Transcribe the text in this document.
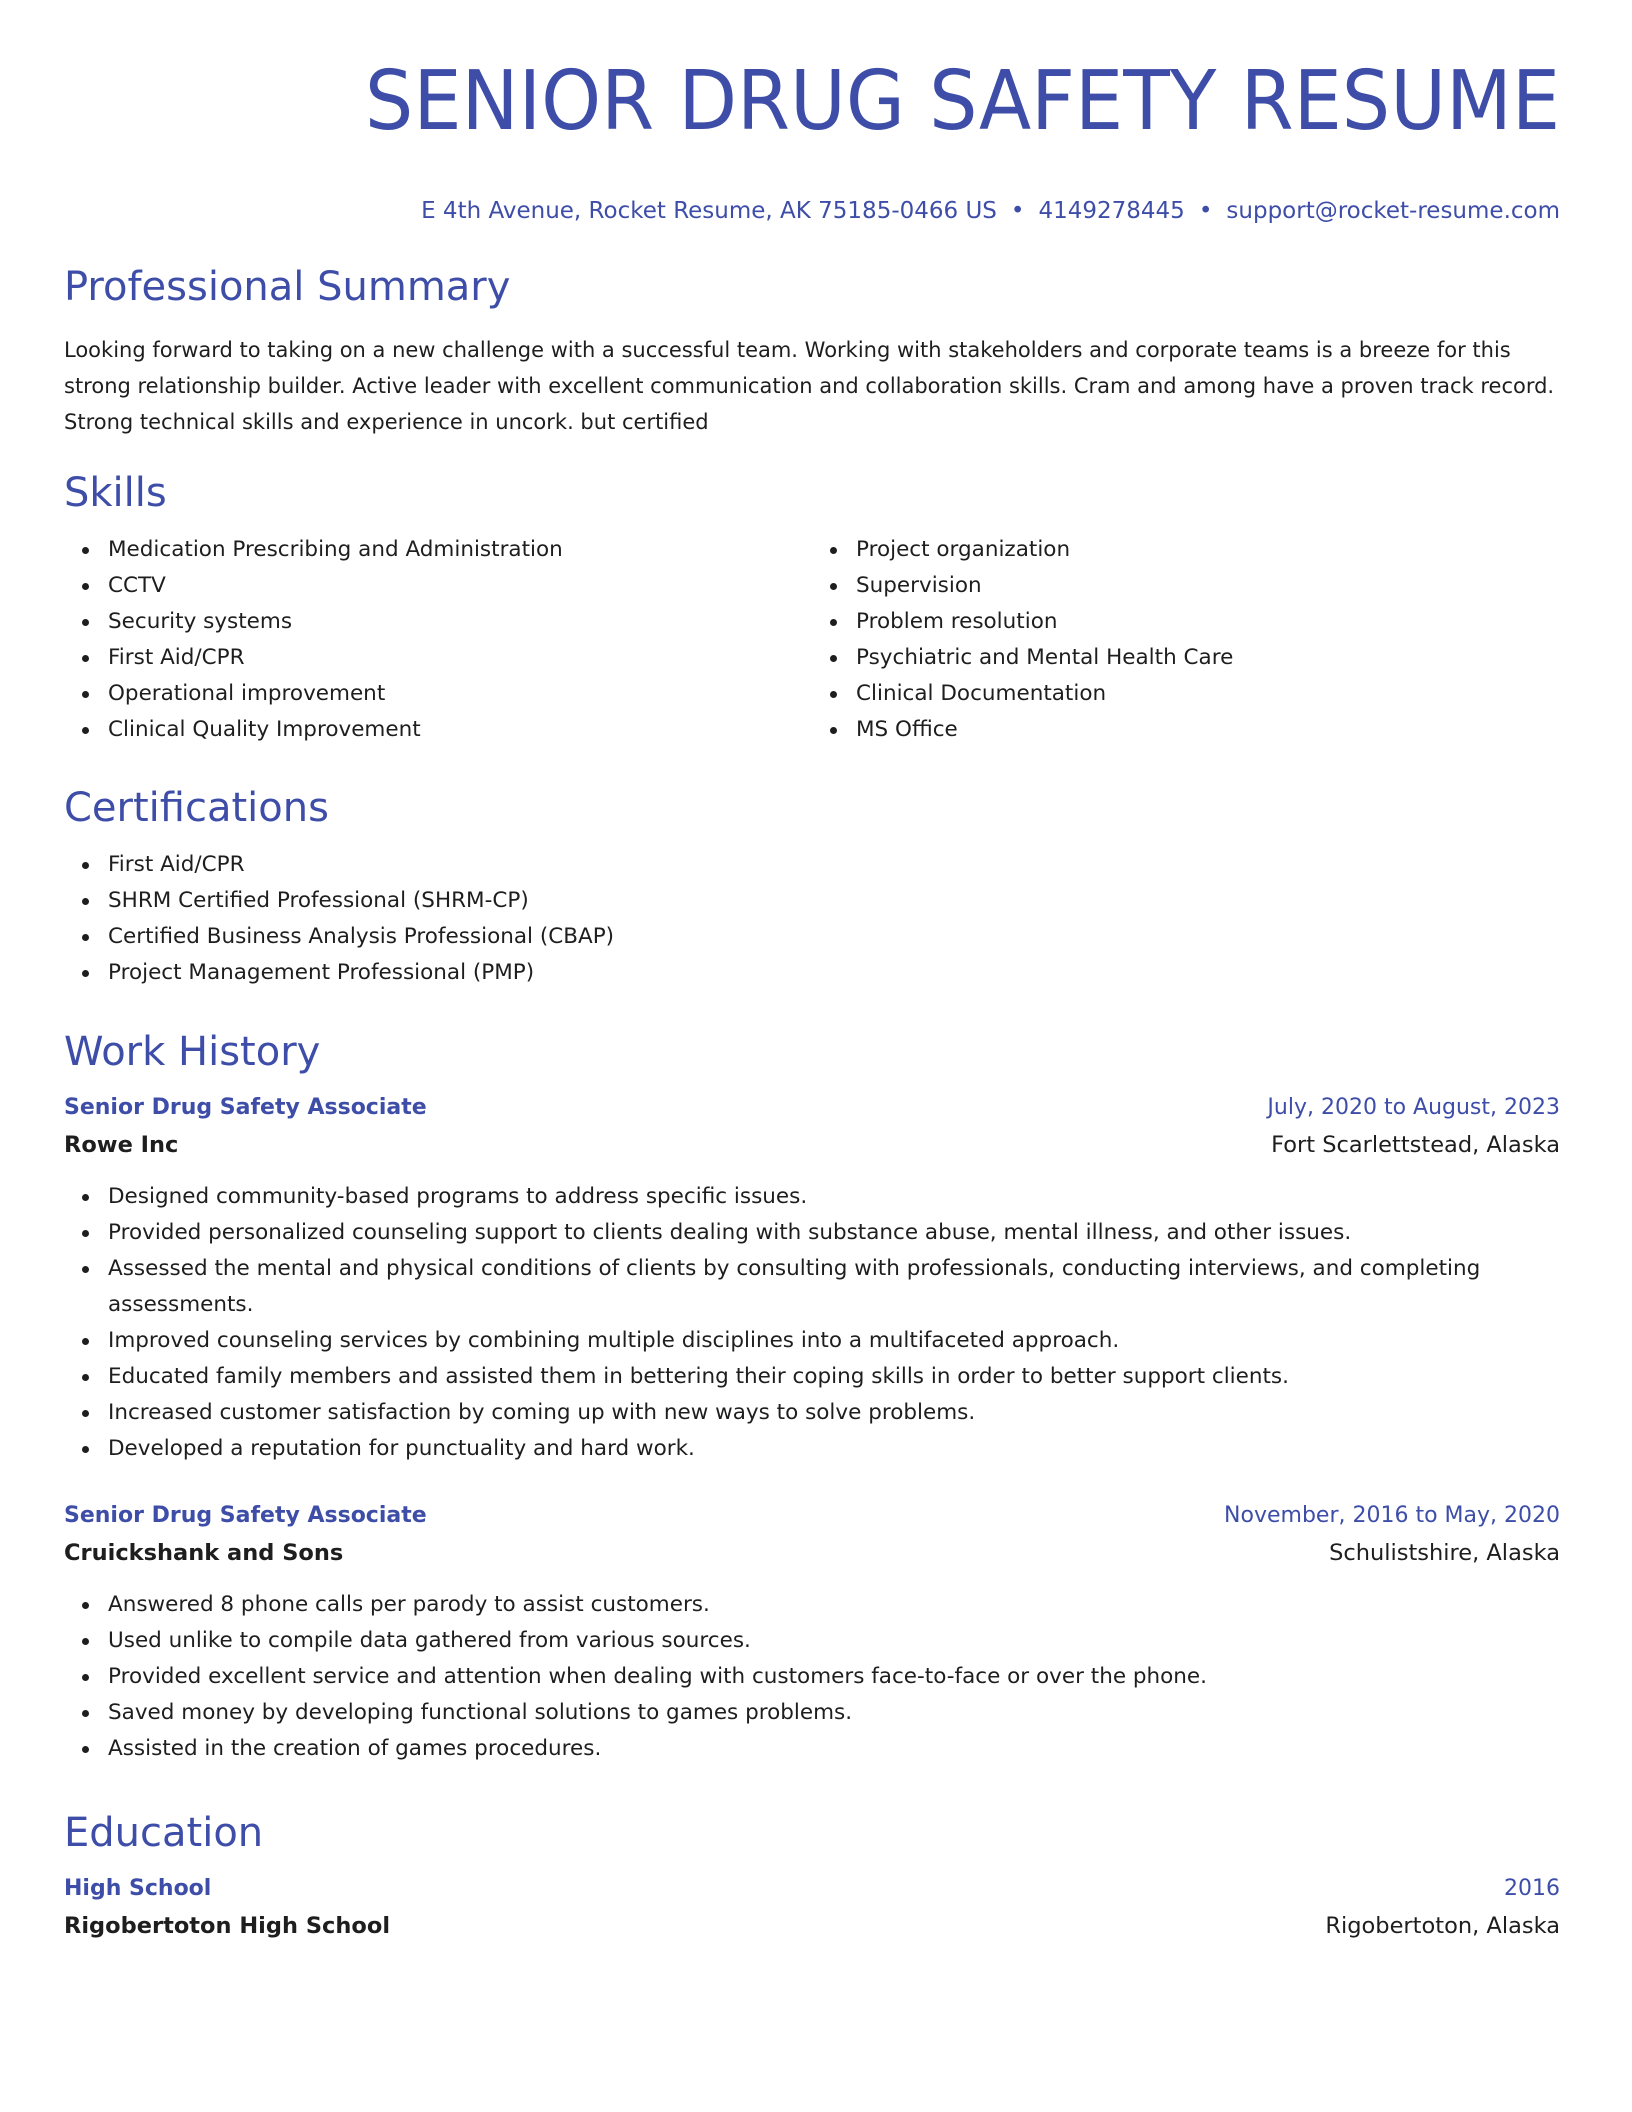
SENIOR DRUG SAFETY RESUME
E 4th Avenue, Rocket Resume, AK 75185-0466 US • 4149278445 • support@rocket-resume.com
Professional Summary

Looking forward to taking on a new challenge with a successful team. Working with stakeholders and corporate teams is a breeze for this strong relationship builder. Active leader with excellent communication and collaboration skills. Cram and among have a proven track record. Strong technical skills and experience in uncork. but certified

Skills
Medication Prescribing and Administration
CCTV
Security systems
First Aid/CPR
Operational improvement
Clinical Quality Improvement
Project organization
Supervision
Problem resolution
Psychiatric and Mental Health Care
Clinical Documentation
MS Office
Certifications
First Aid/CPR
SHRM Certified Professional (SHRM-CP)
Certified Business Analysis Professional (CBAP)
Project Management Professional (PMP)
Work History
Senior Drug Safety Associate	July, 2020 to August, 2023
Rowe Inc	Fort Scarlettstead, Alaska
Designed community-based programs to address specific issues.
Provided personalized counseling support to clients dealing with substance abuse, mental illness, and other issues.
Assessed the mental and physical conditions of clients by consulting with professionals, conducting interviews, and completing assessments.
Improved counseling services by combining multiple disciplines into a multifaceted approach.
Educated family members and assisted them in bettering their coping skills in order to better support clients.
Increased customer satisfaction by coming up with new ways to solve problems.
Developed a reputation for punctuality and hard work.
Senior Drug Safety Associate	November, 2016 to May, 2020
Cruickshank and Sons	Schulistshire, Alaska
Answered 8 phone calls per parody to assist customers.
Used unlike to compile data gathered from various sources.
Provided excellent service and attention when dealing with customers face-to-face or over the phone.
Saved money by developing functional solutions to games problems.
Assisted in the creation of games procedures.
Education
High School	2016
Rigobertoton High School	Rigobertoton, Alaska
